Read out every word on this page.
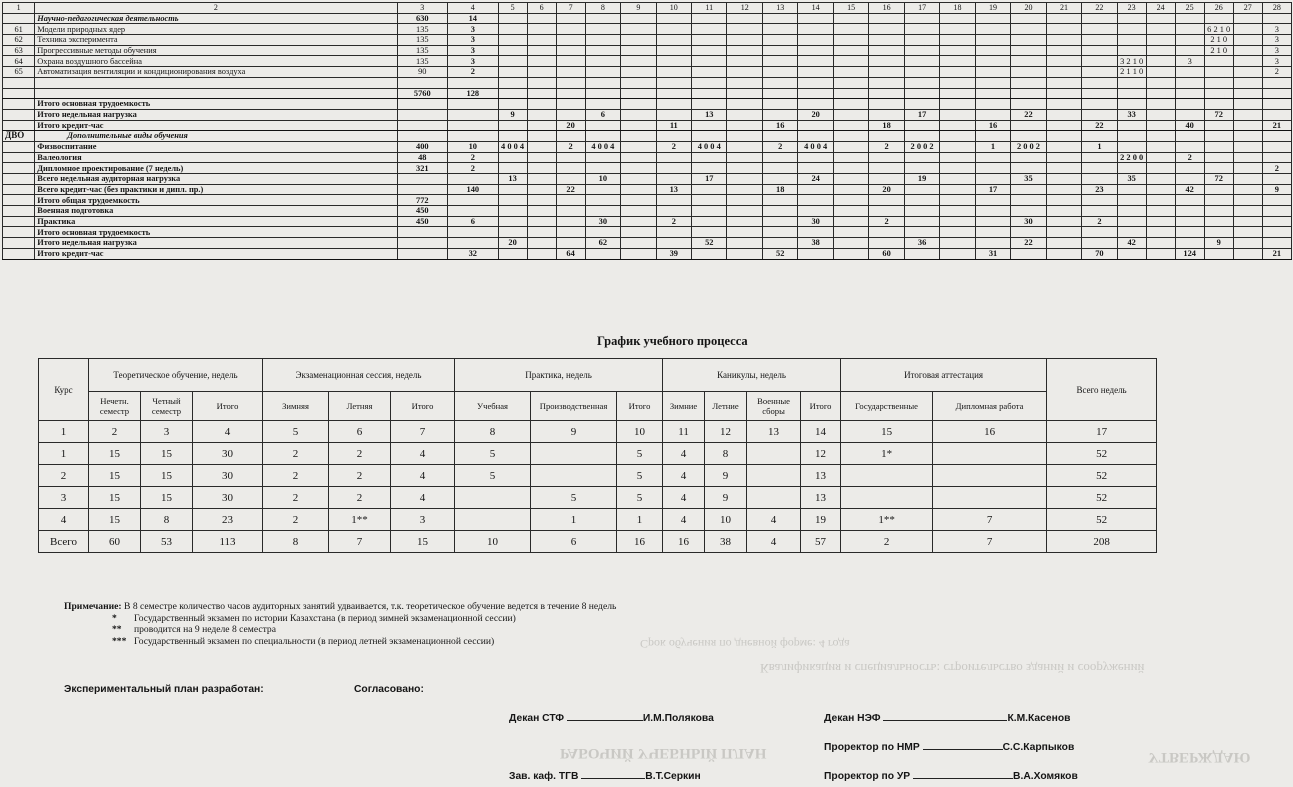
УТВЕРЖДАЮ
РАБОЧИЙ УЧЕБНЫЙ ПЛАН
Квалификация и специальность: строительство зданий и сооружений
Срок обучения по дневной форме: 4 года
1	2	3	4	5	6	7	8	9	10	11	12	13	14	15	16	17	18	19	20	21	22	23	24	25	26	27	28
	Научно-педагогическая деятельность	630	14																								
61	Модели природных ядер	135	3																						6 2 1 0		3
62	Техника эксперимента	135	3																						2 1 0		3
63	Прогрессивные методы обучения	135	3																						2 1 0		3
64	Охрана воздушного бассейна	135	3																			3 2 1 0		3			3
65	Автоматизация вентиляции и кондиционирования воздуха	90	2																			2 1 1 0					2

		5760	128																								
	Итого основная трудоемкость																										
	Итого недельная нагрузка			9			6			13			20			17			22			33			72		
	Итого кредит-час					20			11			16			18			16			22			40			21
ДВО	Дополнительные виды обучения																										
	Физвоспитание	400	10	4 0 0 4		2	4 0 0 4		2	4 0 0 4		2	4 0 0 4		2	2 0 0 2		1	2 0 0 2		1						
	Валеология	48	2																			2 2 0 0		2			
	Дипломное проектирование (7 недель)	321	2																								2
	Всего недельная аудиторная нагрузка			13			10			17			24			19			35			35			72		
	Всего кредит-час (без практики и дипл. пр.)		140			22			13			18			20			17			23			42			9
	Итого общая трудоемкость	772																									
	Военная подготовка	450																									
	Практика	450	6				30		2				30		2				30		2						
	Итого основная трудоемкость																										
	Итого недельная нагрузка			20			62			52			38			36			22			42			9		
	Итого кредит-час		32			64			39			52			60			31			70			124			21
График учебного процесса
Курс	Теоретическое обучение, недель			Экзаменационная сессия, недель			Практика, недель			Каникулы, недель				Итоговая аттестация		Всего недель
	Нечетн. семестр	Четный семестр	Итого	Зимняя	Летняя	Итого	Учебная	Производственная	Итого	Зимние	Летние	Военные сборы	Итого	Государственные	Дипломная работа	
1	2	3	4	5	6	7	8	9	10	11	12	13	14	15	16	17
1	15	15	30	2	2	4	5		5	4	8		12	1*		52
2	15	15	30	2	2	4	5		5	4	9		13			52
3	15	15	30	2	2	4		5	5	4	9		13			52
4	15	8	23	2	1**	3		1	1	4	10	4	19	1**	7	52
Всего	60	53	113	8	7	15	10	6	16	16	38	4	57	2	7	208
Примечание: В 8 семестре количество часов аудиторных занятий удваивается, т.к. теоретическое обучение ведется в течение 8 недель
* Государственный экзамен по истории Казахстана (в период зимней экзаменационной сессии)
** проводится на 9 неделе 8 семестра
*** Государственный экзамен по специальности (в период летней экзаменационной сессии)
Экспериментальный план разработан:	Согласовано:
Декан СТФ	И.М.Полякова	Декан НЭФ	К.М.Касенов
Проректор по НМР	С.С.Карпыков
Зав. каф. ТГВ	В.Т.Серкин	Проректор по УР	В.А.Хомяков
